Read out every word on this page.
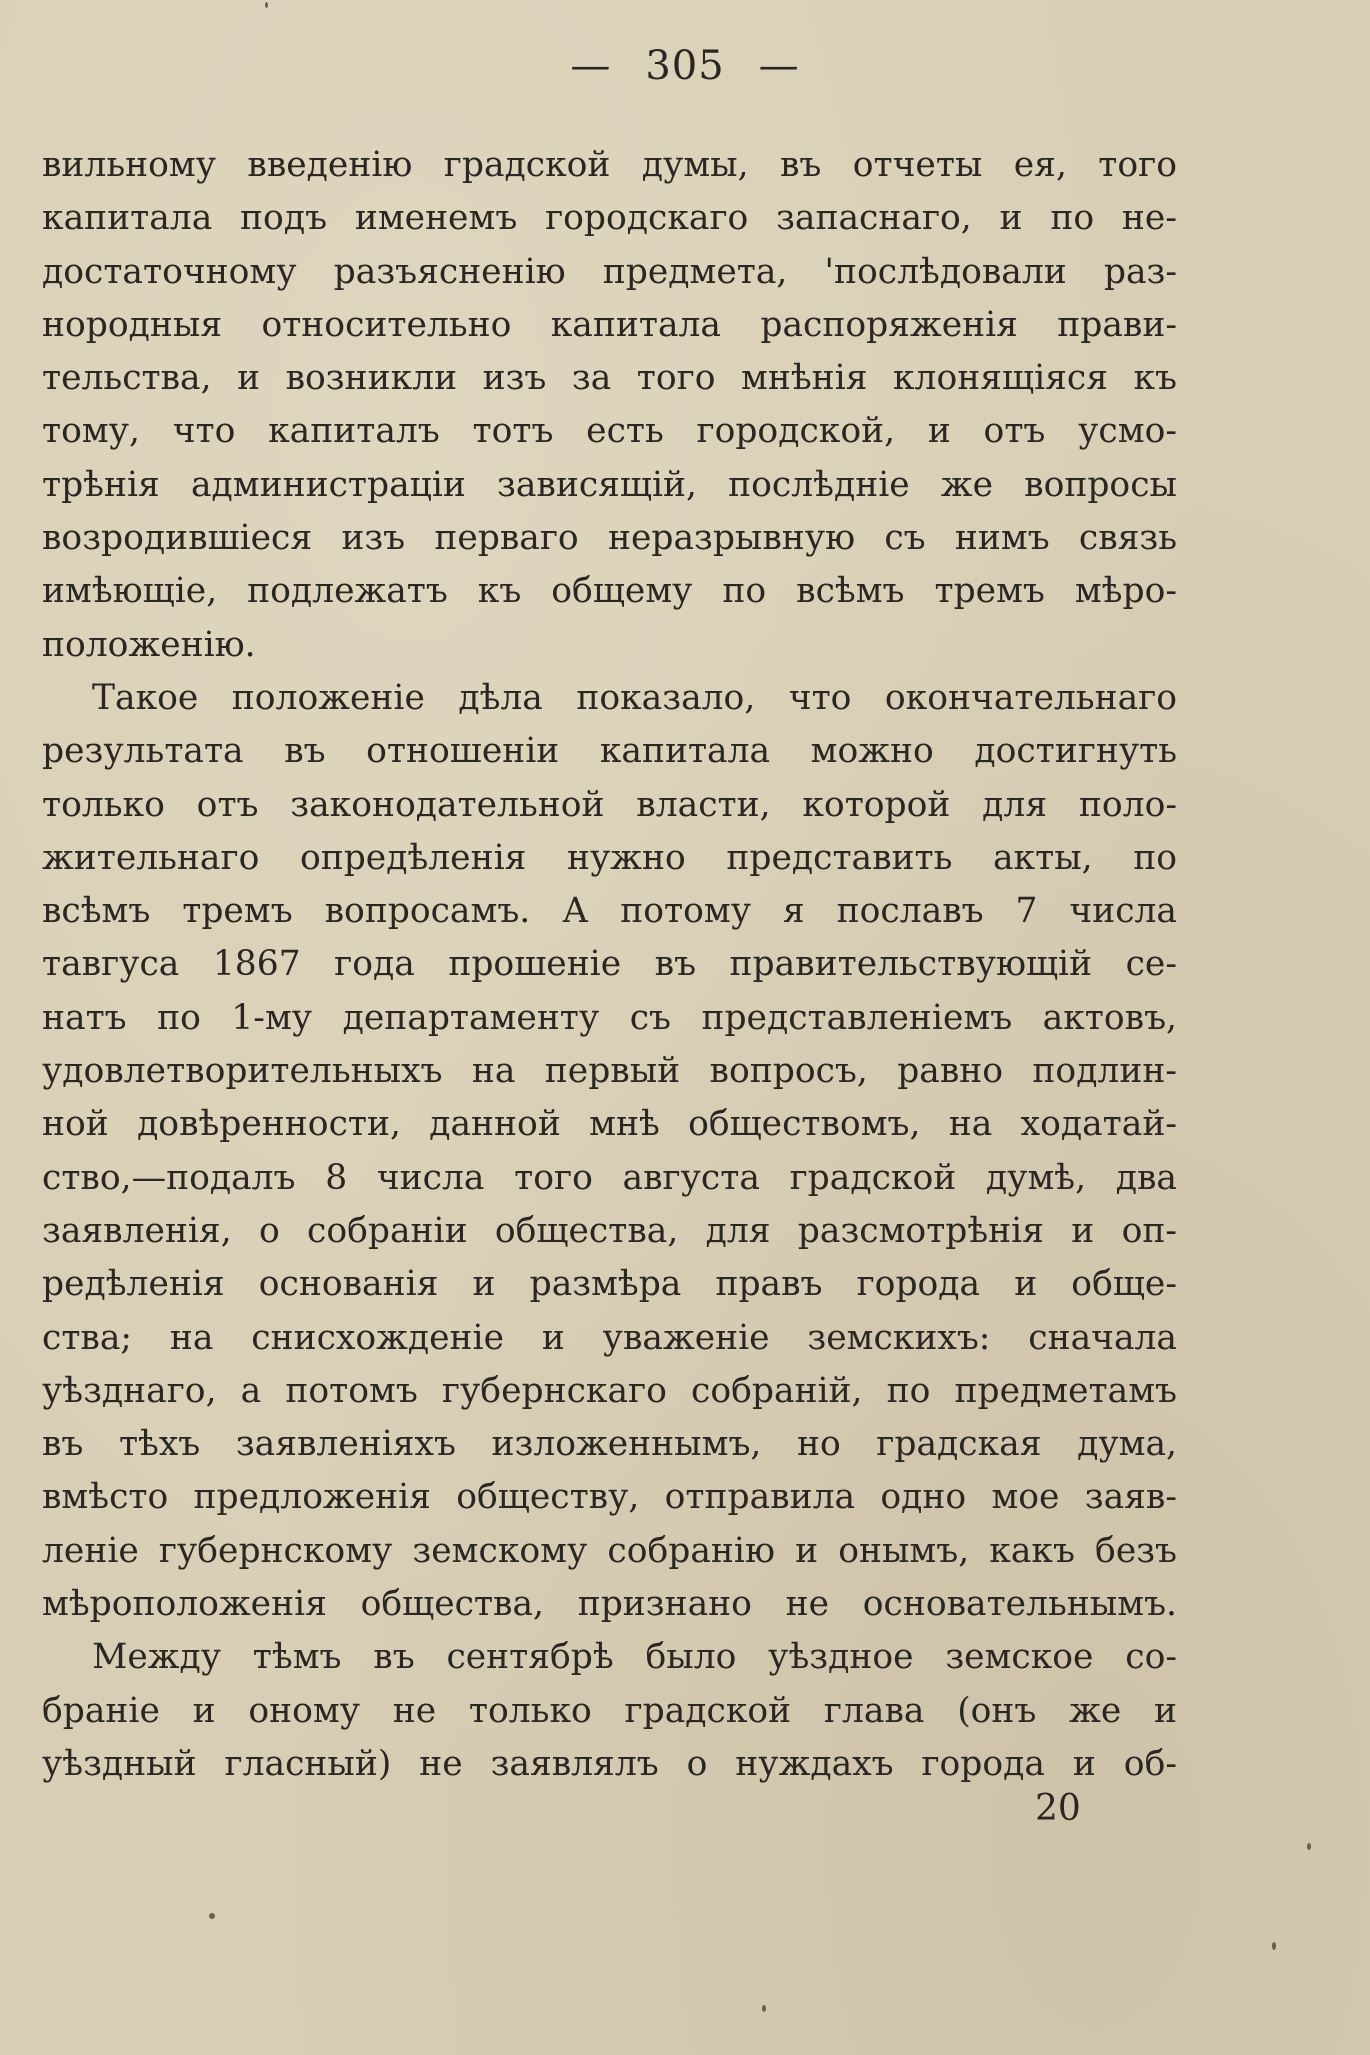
— 305 —
вильному введенiю градской думы, въ отчеты ея, того
капитала подъ именемъ городскаго запаснаго, и по не-
достаточному разъясненiю предмета, 'послѣдовали раз-
нородныя относительно капитала распоряженiя прави-
тельства, и возникли изъ за того мнѣнiя клонящiяся къ
тому, что капиталъ тотъ есть городской, и отъ усмо-
трѣнiя администрацiи зависящiй, послѣднiе же вопросы
возродившiеся изъ перваго неразрывную съ нимъ связь
имѣющiе, подлежатъ къ общему по всѣмъ тремъ мѣро-
положенiю.
Такое положенiе дѣла показало, что окончательнаго
результата въ отношенiи капитала можно достигнуть
только отъ законодательной власти, которой для поло-
жительнаго опредѣленiя нужно представить акты, по
всѣмъ тремъ вопросамъ. А потому я пославъ 7 числа
тавгуса 1867 года прошенiе въ правительствующiй се-
натъ по 1-му департаменту съ представленiемъ актовъ,
удовлетворительныхъ на первый вопросъ, равно подлин-
ной довѣренности, данной мнѣ обществомъ, на ходатай-
ство,—подалъ 8 числа того августа градской думѣ, два
заявленiя, о собранiи общества, для разсмотрѣнiя и оп-
редѣленiя основанiя и размѣра правъ города и обще-
ства; на снисхожденiе и уваженiе земскихъ: сначала
уѣзднаго, а потомъ губернскаго собранiй, по предметамъ
въ тѣхъ заявленiяхъ изложеннымъ, но градская дума,
вмѣсто предложенiя обществу, отправила одно мое заяв-
ленiе губернскому земскому собранiю и онымъ, какъ безъ
мѣроположенiя общества, признано не основательнымъ.
Между тѣмъ въ сентябрѣ было уѣздное земское со-
бранiе и оному не только градской глава (онъ же и
уѣздный гласный) не заявлялъ о нуждахъ города и об-
20
